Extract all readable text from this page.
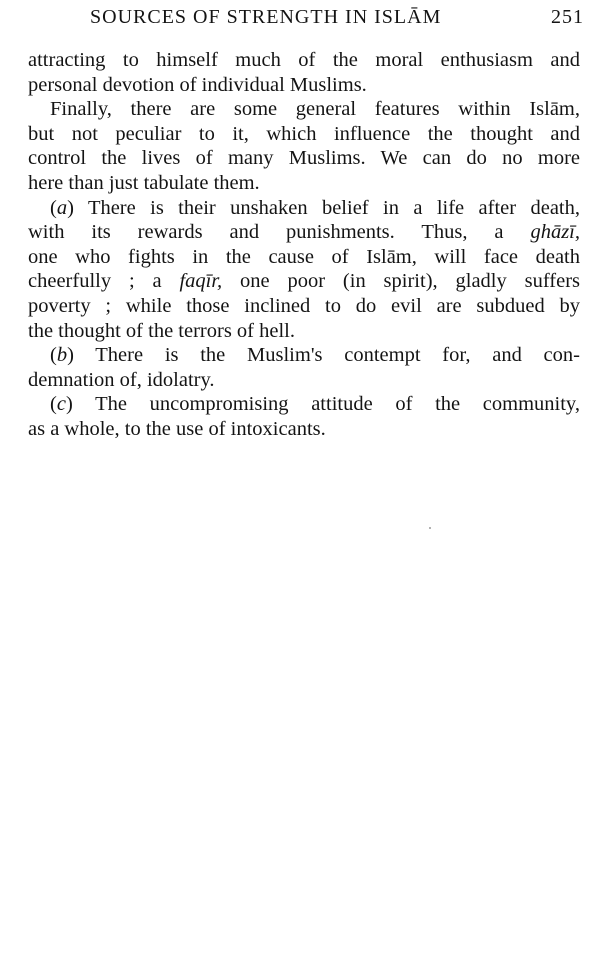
SOURCES OF STRENGTH IN ISLĀM	251

attracting to himself much of the moral enthusiasm and
personal devotion of individual Muslims.

Finally, there are some general features within Islām,
but not peculiar to it, which influence the thought and
control the lives of many Muslims. We can do no more
here than just tabulate them.

(a) There is their unshaken belief in a life after death,
with its rewards and punishments. Thus, a ghāzī,
one who fights in the cause of Islām, will face death
cheerfully ; a faqīr, one poor (in spirit), gladly suffers
poverty ; while those inclined to do evil are subdued by
the thought of the terrors of hell.

(b) There is the Muslim's contempt for, and con-
demnation of, idolatry.

(c) The uncompromising attitude of the community,
as a whole, to the use of intoxicants.
